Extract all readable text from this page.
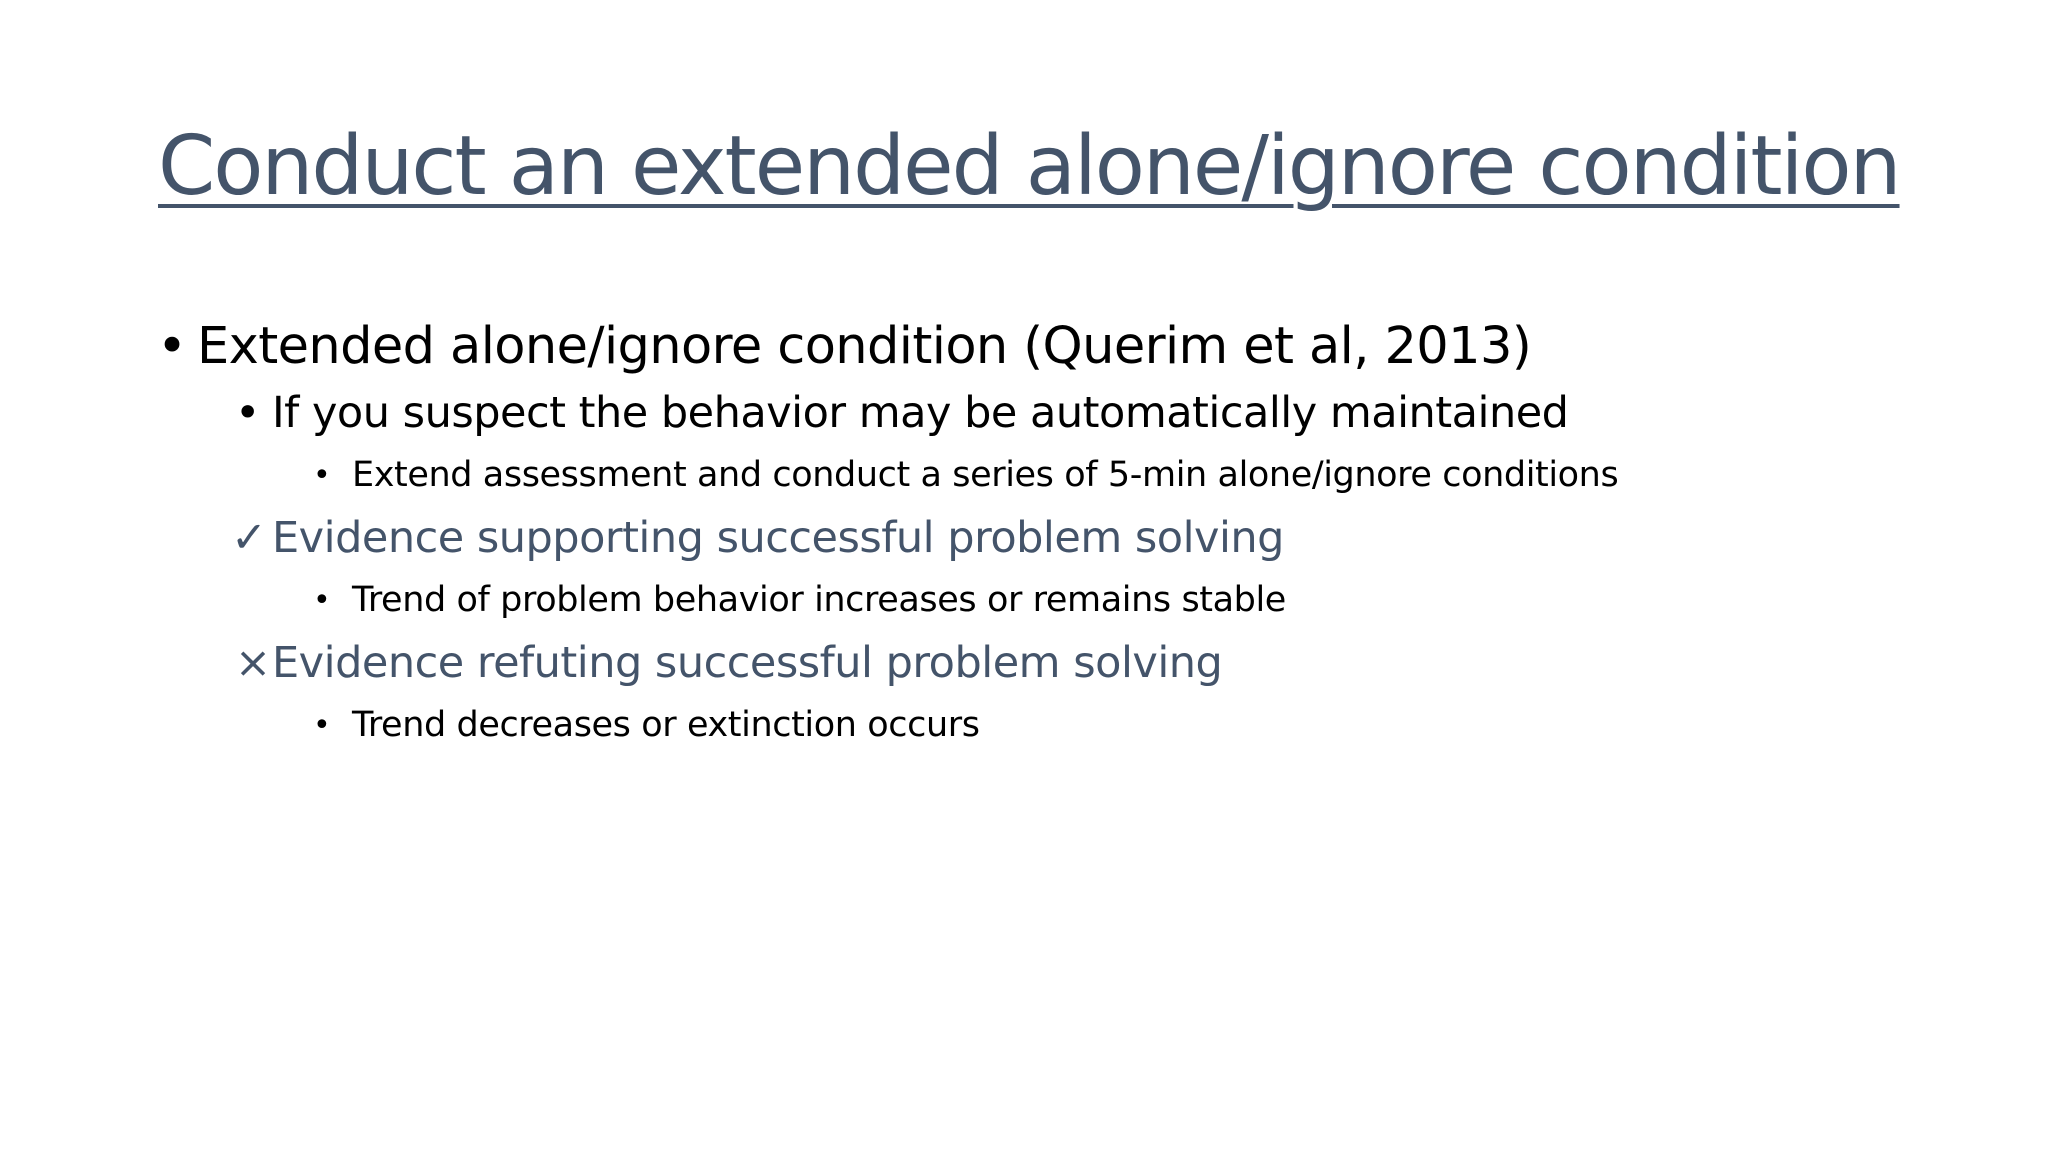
Conduct an extended alone/ignore condition
• Extended alone/ignore condition (Querim et al, 2013)
• If you suspect the behavior may be automatically maintained
• Extend assessment and conduct a series of 5-min alone/ignore conditions
✓ Evidence supporting successful problem solving
• Trend of problem behavior increases or remains stable
× Evidence refuting successful problem solving
• Trend decreases or extinction occurs
